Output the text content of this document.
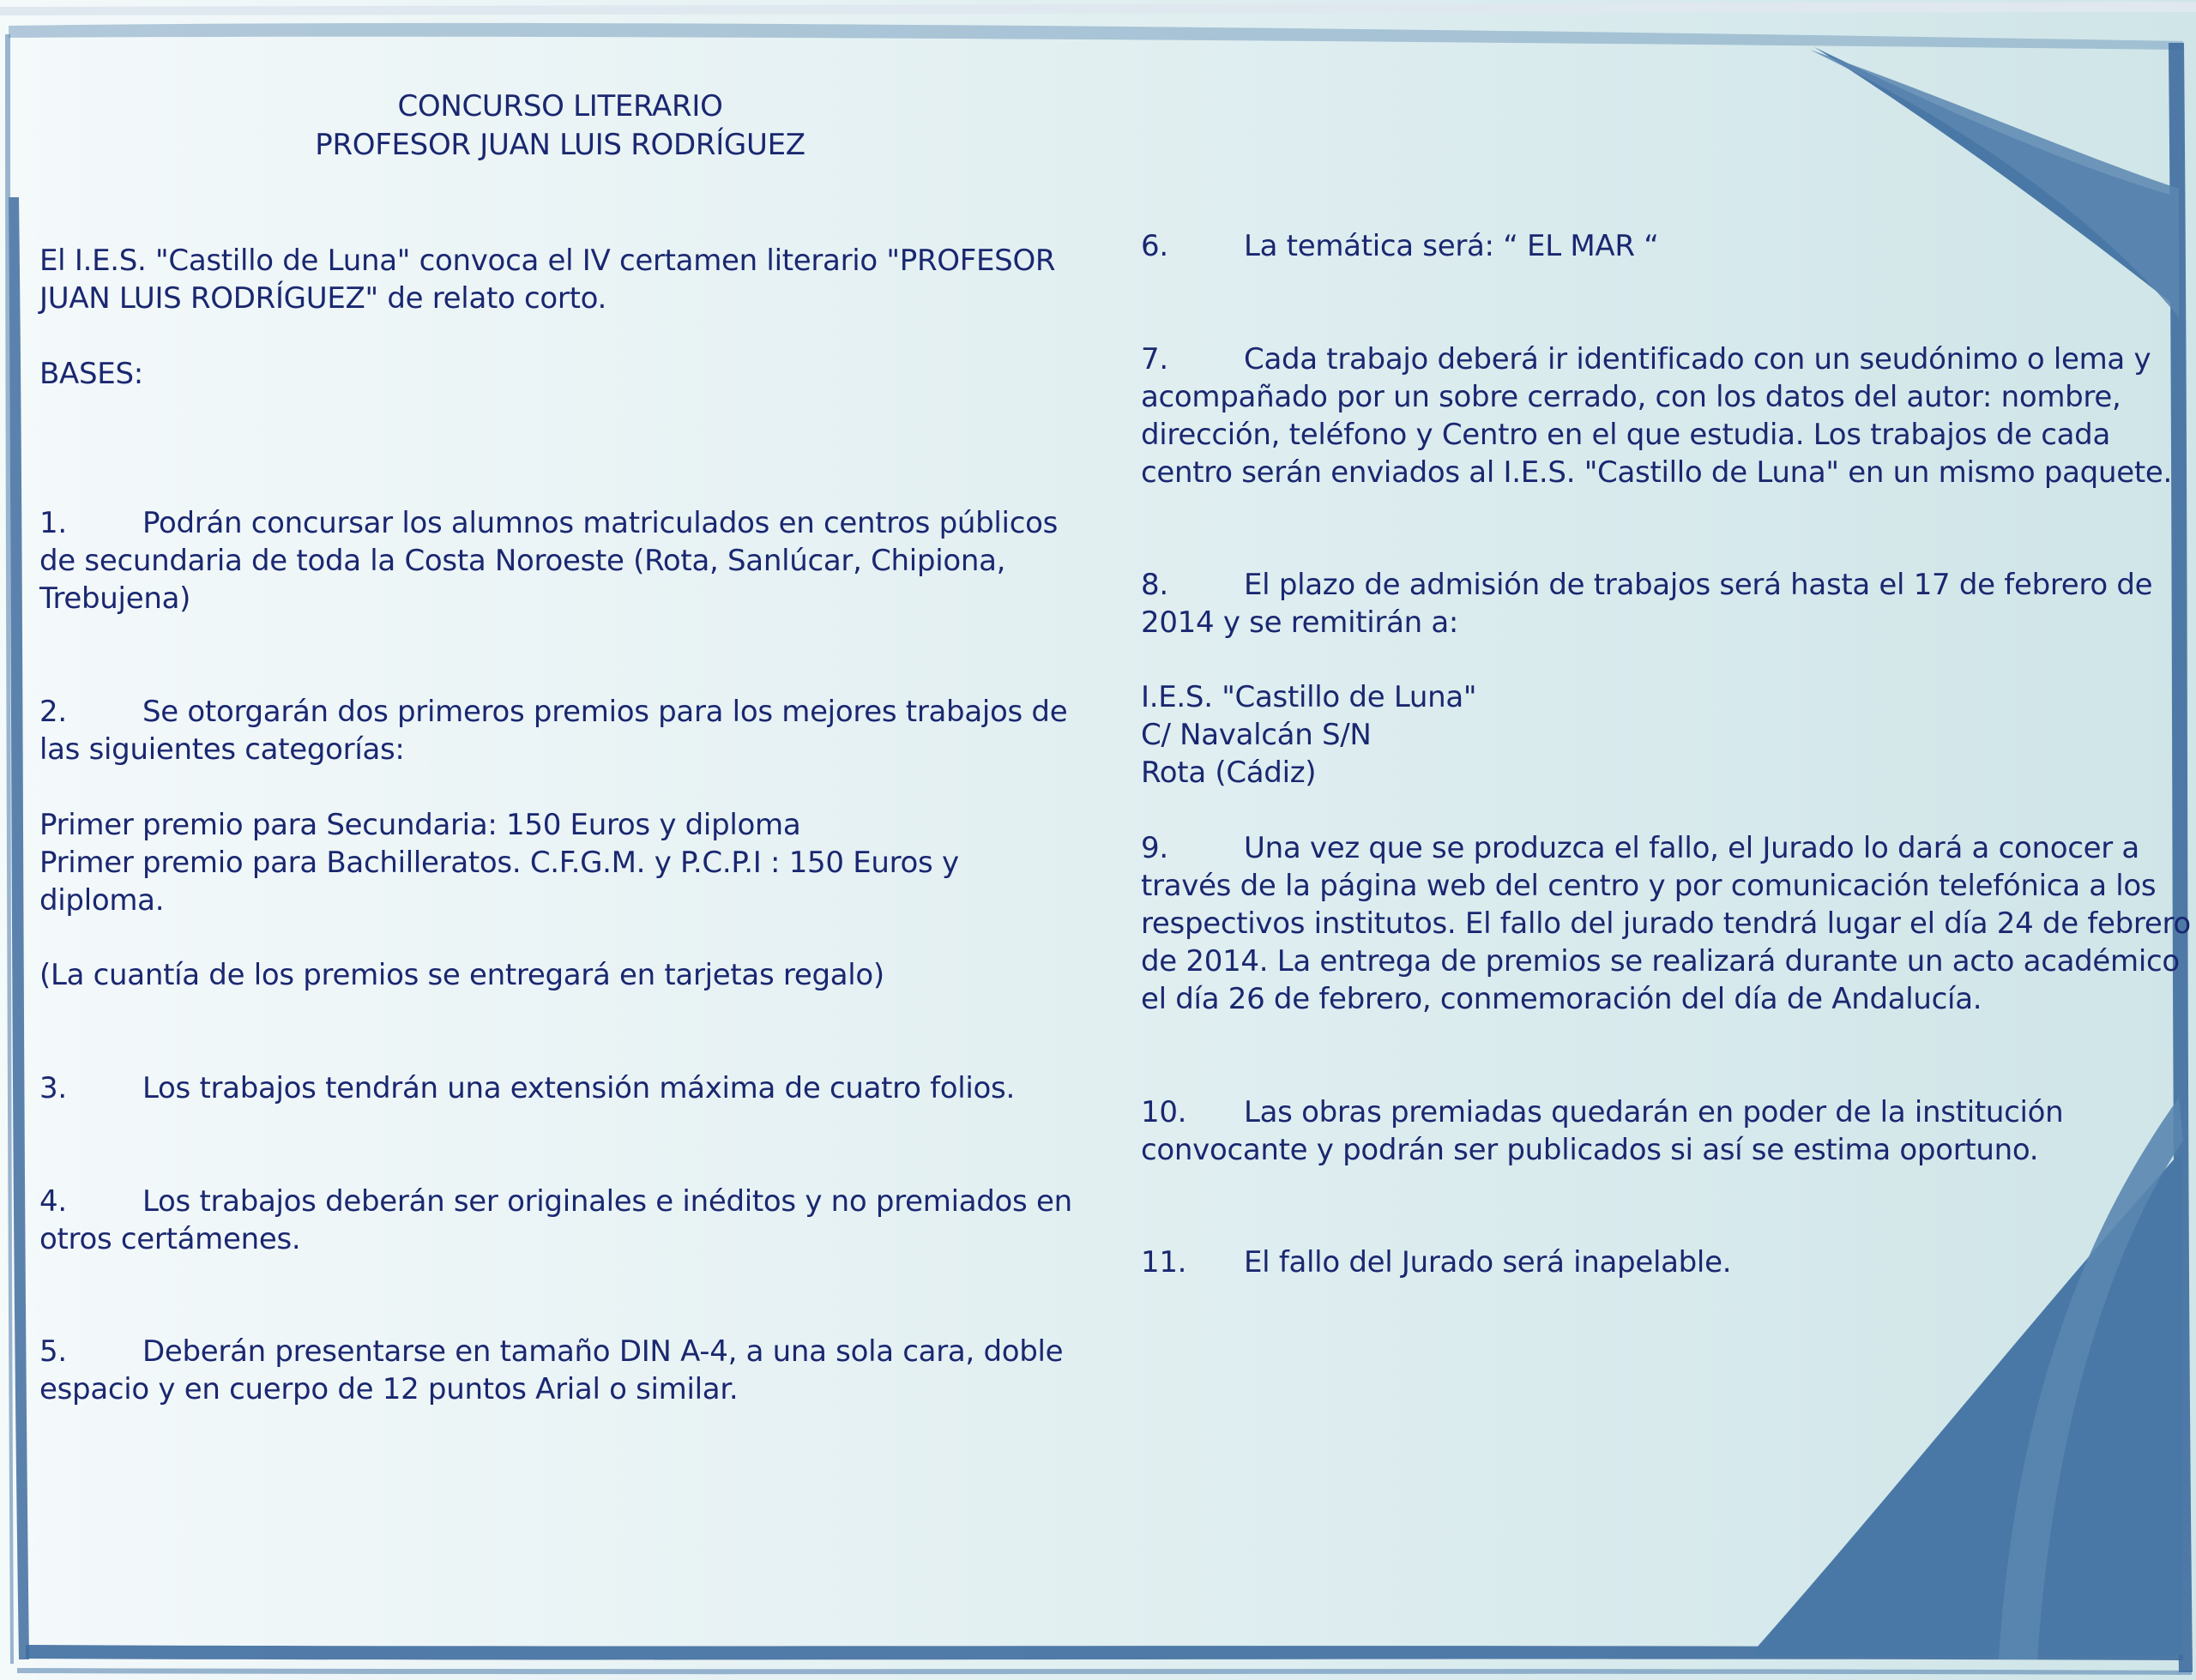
CONCURSO LITERARIO
PROFESOR JUAN LUIS RODRÍGUEZ
El I.E.S. "Castillo de Luna" convoca el IV certamen literario "PROFESOR
JUAN LUIS RODRÍGUEZ" de relato corto.
BASES:
1.	Podrán concursar los alumnos matriculados en centros públicos
de secundaria de toda la Costa Noroeste (Rota, Sanlúcar, Chipiona,
Trebujena)
2.	Se otorgarán dos primeros premios para los mejores trabajos de
las siguientes categorías:
Primer premio para Secundaria: 150 Euros y diploma
Primer premio para Bachilleratos. C.F.G.M. y P.C.P.I : 150 Euros y
diploma.
(La cuantía de los premios se entregará en tarjetas regalo)
3.	Los trabajos tendrán una extensión máxima de cuatro folios.
4.	Los trabajos deberán ser originales e inéditos y no premiados en
otros certámenes.
5.	Deberán presentarse en tamaño DIN A-4, a una sola cara, doble
espacio y en cuerpo de 12 puntos Arial o similar.
6.	La temática será: “ EL MAR “
7.	Cada trabajo deberá ir identificado con un seudónimo o lema y
acompañado por un sobre cerrado, con los datos del autor: nombre,
dirección, teléfono y Centro en el que estudia. Los trabajos de cada
centro serán enviados al I.E.S. "Castillo de Luna" en un mismo paquete.
8.	El plazo de admisión de trabajos será hasta el 17 de febrero de
2014 y se remitirán a:
I.E.S. "Castillo de Luna"
C/ Navalcán S/N
Rota (Cádiz)
9.	Una vez que se produzca el fallo, el Jurado lo dará a conocer a
través de la página web del centro y por comunicación telefónica a los
respectivos institutos. El fallo del jurado tendrá lugar el día 24 de febrero
de 2014. La entrega de premios se realizará durante un acto académico
el día 26 de febrero, conmemoración del día de Andalucía.
10. Las obras premiadas quedarán en poder de la institución
convocante y podrán ser publicados si así se estima oportuno.
11. El fallo del Jurado será inapelable.
